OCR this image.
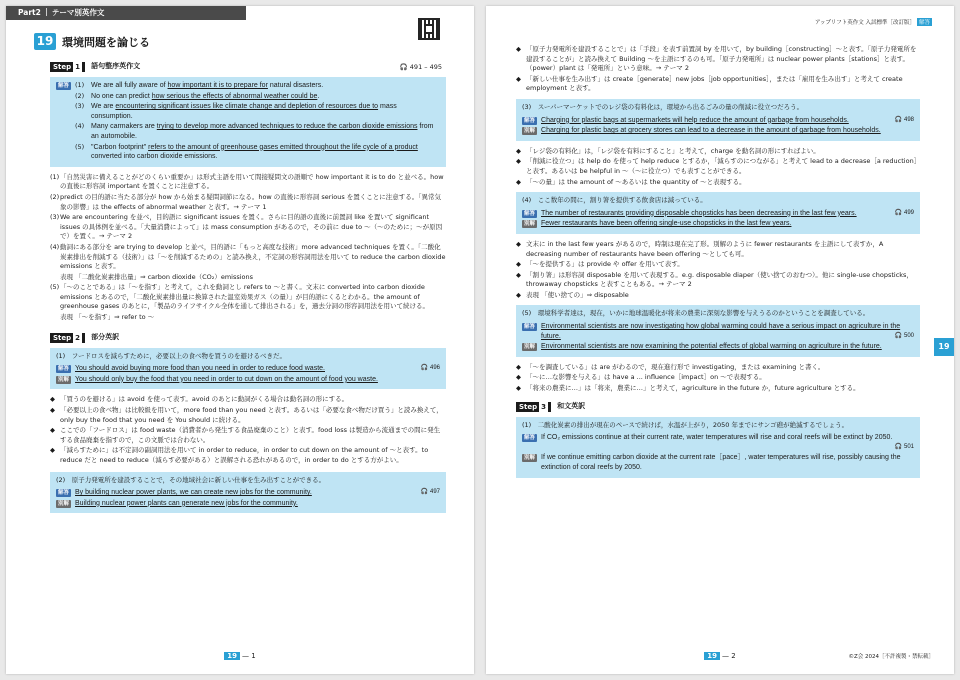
Part2 テーマ別英作文
19 環境問題を論じる
Step 1 語句整序英作文	🎧 491 – 495
解答 (1) We are all fully aware of how important it is to prepare for natural disasters.
(2) No one can predict how serious the effects of abnormal weather could be.
(3) We are encountering significant issues like climate change and depletion of resources due to mass consumption.
(4) Many carmakers are trying to develop more advanced techniques to reduce the carbon dioxide emissions from an automobile.
(5) "Carbon footprint" refers to the amount of greenhouse gases emitted throughout the life cycle of a product converted into carbon dioxide emissions.
(1)「自然災害に備えることがどのくらい重要か」は形式主語を用いて間接疑問文の語順で how important it is to do と並べる。how の直後に形容詞 important を置くことに注意する。
(2)predict の目的語に当たる部分が how から始まる疑問詞節になる。how の直後に形容詞 serious を置くことに注意する。「異常気象の影響」は the effects of abnormal weather と表す。→ テーマ 1
(3)We are encountering を並べ，目的語に significant issues を置く。さらに目的語の直後に前置詞 like を置いて significant issues の具体例を並べる。「大量消費によって」は mass consumption があるので，その前に due to ～（～のために；～が原因で）を置く。→ テーマ 2
(4)動詞にある部分を are trying to develop と並べ，目的語に「もっと高度な技術」more advanced techniques を置く。「二酸化炭素排出を削減する（技術）」は「～を削減するための」と読み換え，不定詞の形容詞用法を用いて to reduce the carbon dioxide emissions と表す。
表現 「二酸化炭素排出量」⇒ carbon dioxide（CO₂）emissions
(5)「～のことである」は「～を指す」と考えて，これを動詞とし refers to ～と書く。文末に converted into carbon dioxide emissions とあるので，「二酸化炭素排出量に換算された温室効果ガス（の量）」が目的語にくるとわかる。the amount of greenhouse gases のあとに，「製品のライフサイクル全体を通して排出される」を，過去分詞の形容詞用法を用いて続ける。
表現 「～を指す」⇒ refer to ～
Step 2 部分英訳
(1)　フードロスを減らすために，必要以上の食べ物を買うのを避けるべきだ。
解答 You should avoid buying more food than you need in order to reduce food waste.	🎧 496
別解 You should only buy the food that you need in order to cut down on the amount of food you waste.
◆ 「買うのを避ける」は avoid を使って表す。avoid のあとに動詞がくる場合は動名詞の形にする。
◆ 「必要以上の食べ物」は比較級を用いて，more food than you need と表す。あるいは「必要な食べ物だけ買う」と読み換えて，only buy the food that you need を You should に続ける。
◆ ここでの「フードロス」は food waste（消費者から発生する食品廃棄のこと）と表す。food loss は製造から流通までの間に発生する食品廃棄を指すので，この文脈では合わない。
◆ 「減らすために」は不定詞の副詞用法を用いて in order to reduce，in order to cut down on the amount of ～と表す。to reduce だと need to reduce（減らす必要がある）と誤解される恐れがあるので，in order to do とする方がよい。
(2)　原子力発電所を建設することで，その地域社会に新しい仕事を生み出すことができる。
解答 By building nuclear power plants, we can create new jobs for the community.	🎧 497
別解 Building nuclear power plants can generate new jobs for the community.
19 — 1
アップリフト英作文 入試標準［改訂版］ 解答
◆ 「原子力発電所を建設することで」は「手段」を表す前置詞 by を用いて，by building［constructing］～と表す。「原子力発電所を建設することが」と読み換えて Building ～を主語にするのも可。「原子力発電所」は nuclear power plants［stations］と表す。（power）plant は「発電所」という意味。→ テーマ 2
◆ 「新しい仕事を生み出す」は create［generate］new jobs［job opportunities］，または「雇用を生み出す」と考えて create employment と表す。
(3)　スーパーマーケットでのレジ袋の有料化は，環境から出るごみの量の削減に役立つだろう。
解答 Charging for plastic bags at supermarkets will help reduce the amount of garbage from households.	🎧 498
別解 Charging for plastic bags at grocery stores can lead to a decrease in the amount of garbage from households.
◆ 「レジ袋の有料化」は，「レジ袋を有料にすること」と考えて，charge を動名詞の形にすればよい。
◆ 「削減に役立つ」は help do を使って help reduce とするか，「減らすのにつながる」と考えて lead to a decrease［a reduction］と表す。あるいは be helpful in ～（～に役立つ）でも表すことができる。
◆ 「～の量」は the amount of ～あるいは the quantity of ～と表現する。
(4)　ここ数年の間に，割り箸を提供する飲食店は減っている。
解答 The number of restaurants providing disposable chopsticks has been decreasing in the last few years.	🎧 499
別解 Fewer restaurants have been offering single-use chopsticks in the last few years.
◆ 文末に in the last few years があるので，時制は現在完了形。別解のように fewer restaurants を主語にして表すか，A decreasing number of restaurants have been offering ～としても可。
◆ 「～を提供する」は provide や offer を用いて表す。
◆ 「割り箸」は形容詞 disposable を用いて表現する。e.g. disposable diaper（使い捨てのおむつ）。他に single-use chopsticks，throwaway chopsticks と表すこともある。→ テーマ 2
◆ 表現 「使い捨ての」⇒ disposable
(5)　環境科学者達は，現在，いかに地球温暖化が将来の農業に深刻な影響を与えうるのかということを調査している。
解答 Environmental scientists are now investigating how global warming could have a serious impact on agriculture in the future.	🎧 500
別解 Environmental scientists are now examining the potential effects of global warming on agriculture in the future.
◆ 「～を調査している」は are がわるので，現在進行形で investigating，または examining と書く。
◆ 「～に…な影響を与える」は have a ... influence［impact］on ～で表現する。
◆ 「将来の農業に…」は「将来，農業に…」と考えて，agriculture in the future か，future agriculture とする。
Step 3 和文英訳
(1)　二酸化炭素の排出が現在のペースで続けば，水温が上がり，2050 年までにサンゴ礁が絶滅するでしょう。
解答 If CO₂ emissions continue at their current rate, water temperatures will rise and coral reefs will be extinct by 2050.
🎧 501
別解 If we continue emitting carbon dioxide at the current rate［pace］, water temperatures will rise, possibly causing the extinction of coral reefs by 2050.
19
19 — 2	©Z会 2024［不許複製・禁転載］
